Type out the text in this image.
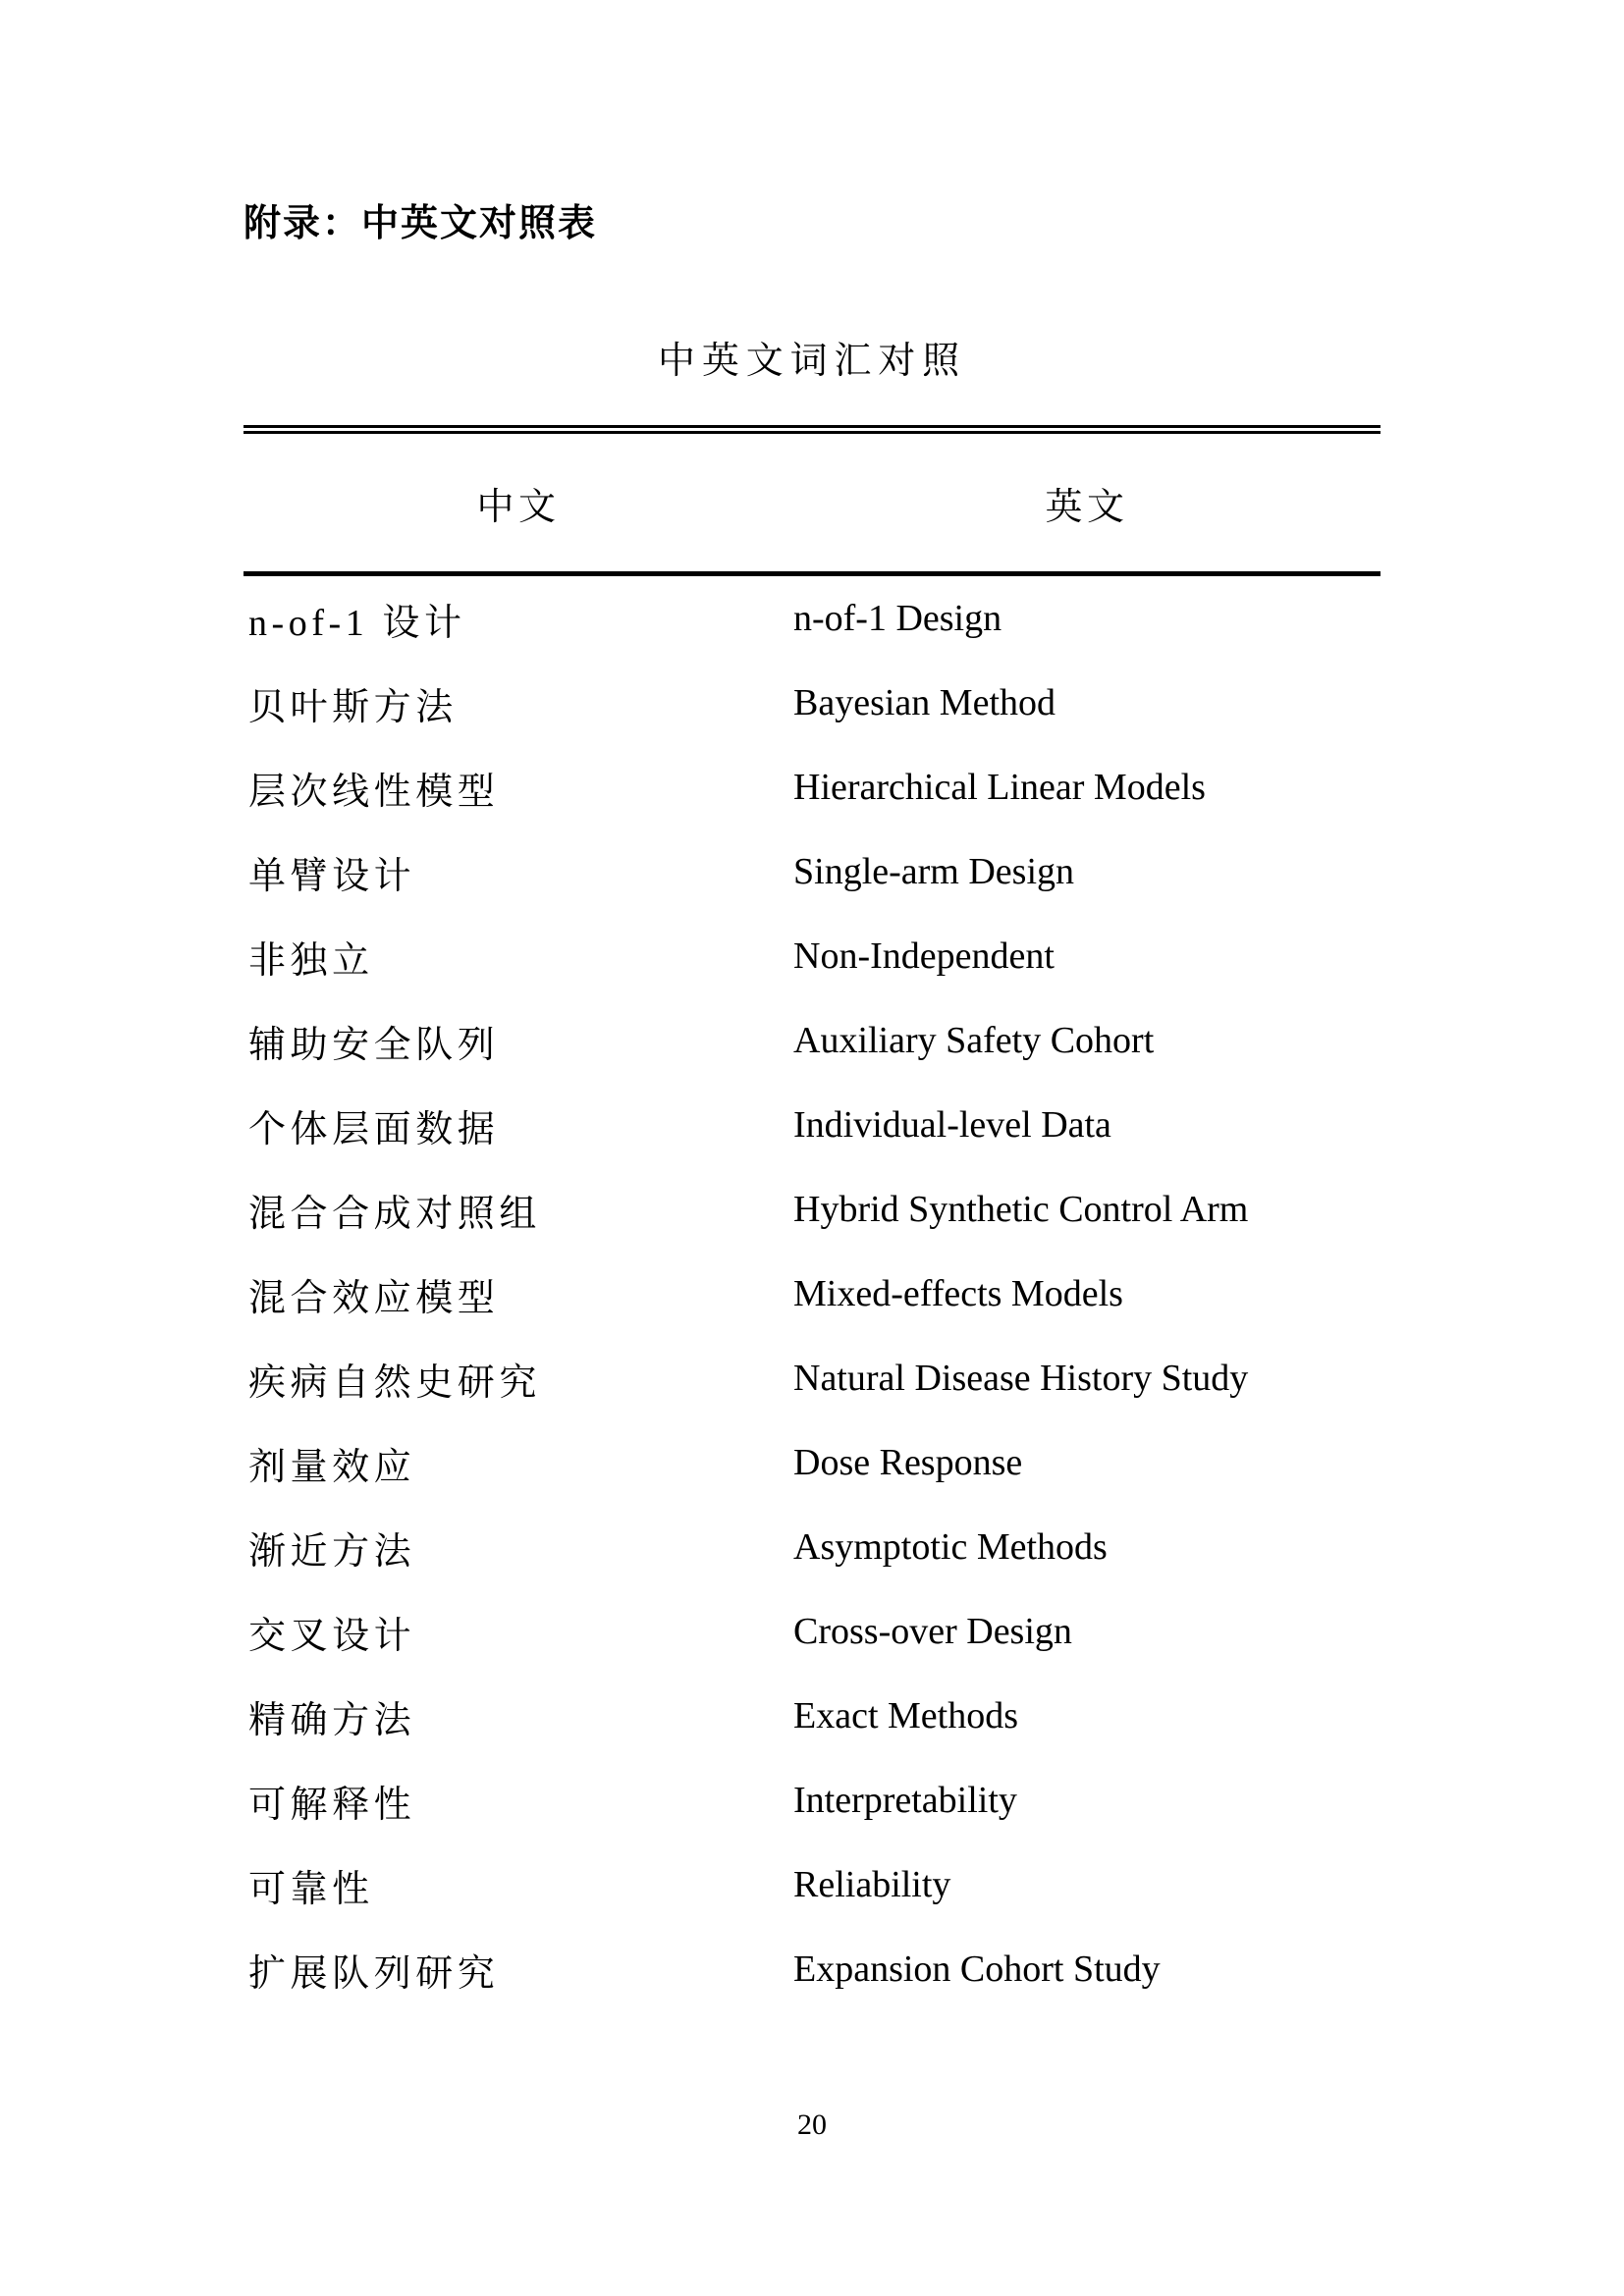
附录：中英文对照表
中英文词汇对照
中文	英文
n-of-1 设计	n-of-1 Design
贝叶斯方法	Bayesian Method
层次线性模型	Hierarchical Linear Models
单臂设计	Single-arm Design
非独立	Non-Independent
辅助安全队列	Auxiliary Safety Cohort
个体层面数据	Individual-level Data
混合合成对照组	Hybrid Synthetic Control Arm
混合效应模型	Mixed-effects Models
疾病自然史研究	Natural Disease History Study
剂量效应	Dose Response
渐近方法	Asymptotic Methods
交叉设计	Cross-over Design
精确方法	Exact Methods
可解释性	Interpretability
可靠性	Reliability
扩展队列研究	Expansion Cohort Study
20
